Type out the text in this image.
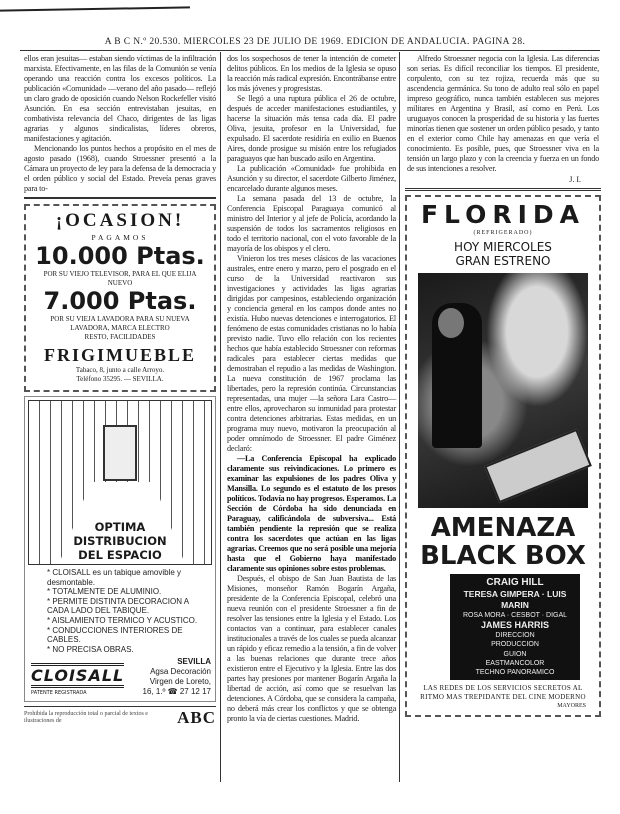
A B C N.º 20.530. MIERCOLES 23 DE JULIO DE 1969. EDICION DE ANDALUCIA. PAGINA 28.

ellos eran jesuitas— estaban siendo víctimas de la infiltración marxista. Efectivamente, en las filas de la Comunión se venía operando una reacción contra los excesos políticos. La publicación «Comunidad» —verano del año pasado— reflejó un claro grado de oposición cuando Nelson Rockefeller visitó Asunción. En esa sección entrevistaban jesuitas, en combativista relevancia del Chaco, dirigentes de las ligas agrarias y algunos sindicalistas, líderes obreros, manifestaciones y agitación.

Mencionando los puntos hechos a propósito en el mes de agosto pasado (1968), cuando Stroessner presentó a la Cámara un proyecto de ley para la defensa de la democracia y el orden público y social del Estado. Preveía penas graves para to-

¡OCASION!
PAGAMOS
10.000 Ptas.
POR SU VIEJO TELEVISOR, PARA EL QUE ELIJA NUEVO
7.000 Ptas.
POR SU VIEJA LAVADORA PARA SU NUEVA LAVADORA, MARCA ELECTRO
RESTO, FACILIDADES
FRIGIMUEBLE
Tabaco, 8, junto a calle Arroyo.
Teléfono 35295. — SEVILLA.
OPTIMA
DISTRIBUCION
DEL ESPACIO
* CLOISALL es un tabique amovible y desmontable.
* TOTALMENTE DE ALUMINIO.
* PERMITE DISTINTA DECORACION A CADA LADO DEL TABIQUE.
* AISLAMIENTO TERMICO Y ACUSTICO.
* CONDUCCIONES INTERIORES DE CABLES.
* NO PRECISA OBRAS.
CLOISALL
PATENTE REGISTRADA
SEVILLA
Agsa Decoración
Virgen de Loreto,
16, 1.º ☎ 27 12 17
Prohibida la reproducción total o parcial de textos e ilustraciones de	ABC

dos los sospechosos de tener la intención de cometer delitos públicos. En los medios de la Iglesia se opuso la reacción más radical expresión. Encontrábanse entre los más jóvenes y progresistas.

Se llegó a una ruptura pública el 26 de octubre, después de acceder manifestaciones estudiantiles, y hacerse la situación más tensa cada día. El padre Oliva, jesuita, profesor en la Universidad, fue expulsado. El sacerdote residiría en exilio en Buenos Aires, donde prosigue su misión entre los refugiados paraguayos que han buscado asilo en Argentina.

La publicación «Comunidad» fue prohibida en Asunción y su director, el sacerdote Gilberto Jiménez, encarcelado durante algunos meses.

La semana pasada del 13 de octubre, la Conferencia Episcopal Paraguaya comunicó al ministro del Interior y al jefe de Policía, acordando la suspensión de todos los sacramentos religiosos en todo el territorio nacional, con el voto favorable de la mayoría de los obispos y el clero.

Vinieron los tres meses clásicos de las vacaciones australes, entre enero y marzo, pero el posgrado en el curso de la Universidad reactivaron sus investigaciones y actividades las ligas agrarias dirigidas por campesinos, estableciendo organización y conciencia general en los campos donde antes no existía. Hubo nuevas detenciones e interrogatorios. El fenómeno de estas comunidades cristianas no lo había previsto nadie. Tuvo ello relación con los recientes hechos que había establecido Stroessner con reformas radicales para establecer ciertas medidas que demostraban el repudio a las medidas de Washington. La nueva constitución de 1967 proclama las libertades, pero la represión continúa. Circunstancias representadas, una mujer —la señora Lara Castro— entre ellos, aprovecharon su inmunidad para protestar contra detenciones arbitrarias. Estas medidas, en un programa muy nuevo, motivaron la preocupación al poder omnímodo de Stroessner. El padre Giménez declaró:

—La Conferencia Episcopal ha explicado claramente sus reivindicaciones. Lo primero es examinar las expulsiones de los padres Oliva y Mansilla. Lo segundo es el estatuto de los presos políticos. Todavía no hay progresos. Esperamos. La Sección de Córdoba ha sido denunciada en Paraguay, calificándola de subversiva... Está también pendiente la represión que se realiza contra los sacerdotes que actúan en las ligas agrarias. Creemos que no será posible una mejoría hasta que el Gobierno haya manifestado claramente sus opiniones sobre estos problemas.

Después, el obispo de San Juan Bautista de las Misiones, monseñor Ramón Bogarín Argaña, presidente de la Conferencia Episcopal, celebró una nueva reunión con el presidente Stroessner a fin de resolver las tensiones entre la Iglesia y el Estado. Los contactos van a continuar, para establecer canales institucionales a través de los cuales se pueda alcanzar un rápido y eficaz remedio a la tensión, a fin de volver a las buenas relaciones que durante trece años existieron entre el Ejecutivo y la Iglesia. Entre las dos partes hay presiones por mantener Bogarín Argaña la libertad de acción, así como que se resuelvan las detenciones. A Córdoba, que se considera la campaña, no deberá más crear los conflictos y que se obtenga pronto la vía de ciertas cuestiones. Madrid.

Alfredo Stroessner negocia con la Iglesia. Las diferencias son serias. Es difícil reconciliar los tiempos. El presidente, corpulento, con su tez rojiza, recuerda más que su ascendencia germánica. Su tono de adulto real sólo en papel impreso geográfico, nunca también establecen sus mejores militares en Argentina y Brasil, así como en Perú. Los uruguayos conocen la prosperidad de su historia y las fuertes minorías tienen que sostener un orden público pesado, y tanto en el exterior como Chile hay amenazas en que vería el conocimiento. Es posible, pues, que Stroessner viva en la tensión un largo plazo y con la creencia y fuerza en un fondo de sus intenciones a resolver.

J. I.
FLORIDA
(REFRIGERADO)
HOY MIERCOLES
GRAN ESTRENO
AMENAZA
BLACK BOX
CRAIG HILL
TERESA GIMPERA · LUIS MARIN
ROSA MORA · CESBOT · DIGAL
JAMES HARRIS
DIRECCION
PRODUCCION
GUION
EASTMANCOLOR
TECHNO PANORAMICO
LAS REDES DE LOS SERVICIOS SECRETOS AL RITMO MAS TREPIDANTE DEL CINE MODERNO
MAYORES
